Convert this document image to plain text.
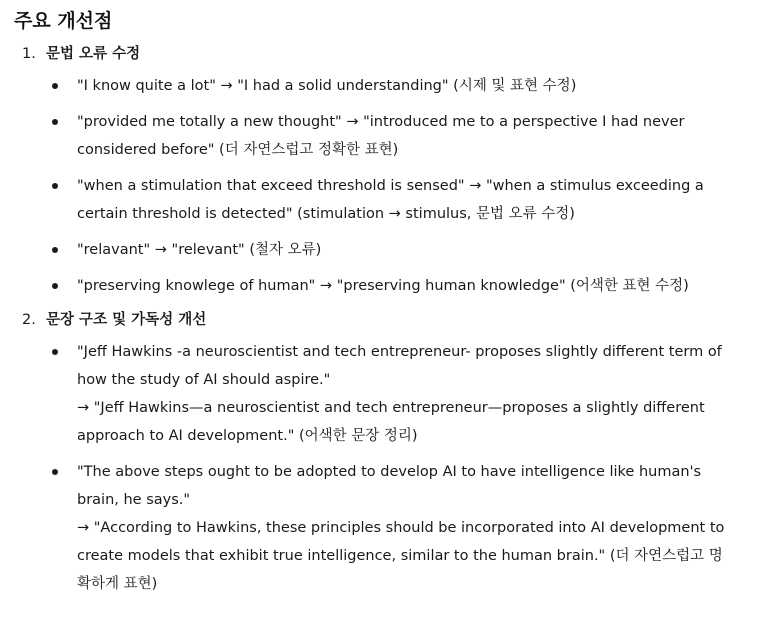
주요 개선점
1. 문법 오류 수정
"I know quite a lot" → "I had a solid understanding" (시제 및 표현 수정)
"provided me totally a new thought" → "introduced me to a perspective I had never
considered before" (더 자연스럽고 정확한 표현)
"when a stimulation that exceed threshold is sensed" → "when a stimulus exceeding a
certain threshold is detected" (stimulation → stimulus, 문법 오류 수정)
"relavant" → "relevant" (철자 오류)
"preserving knowlege of human" → "preserving human knowledge" (어색한 표현 수정)
2. 문장 구조 및 가독성 개선
"Jeff Hawkins -a neuroscientist and tech entrepreneur- proposes slightly different term of
how the study of AI should aspire."
→ "Jeff Hawkins—a neuroscientist and tech entrepreneur—proposes a slightly different
approach to AI development." (어색한 문장 정리)
"The above steps ought to be adopted to develop AI to have intelligence like human's
brain, he says."
→ "According to Hawkins, these principles should be incorporated into AI development to
create models that exhibit true intelligence, similar to the human brain." (더 자연스럽고 명
확하게 표현)
